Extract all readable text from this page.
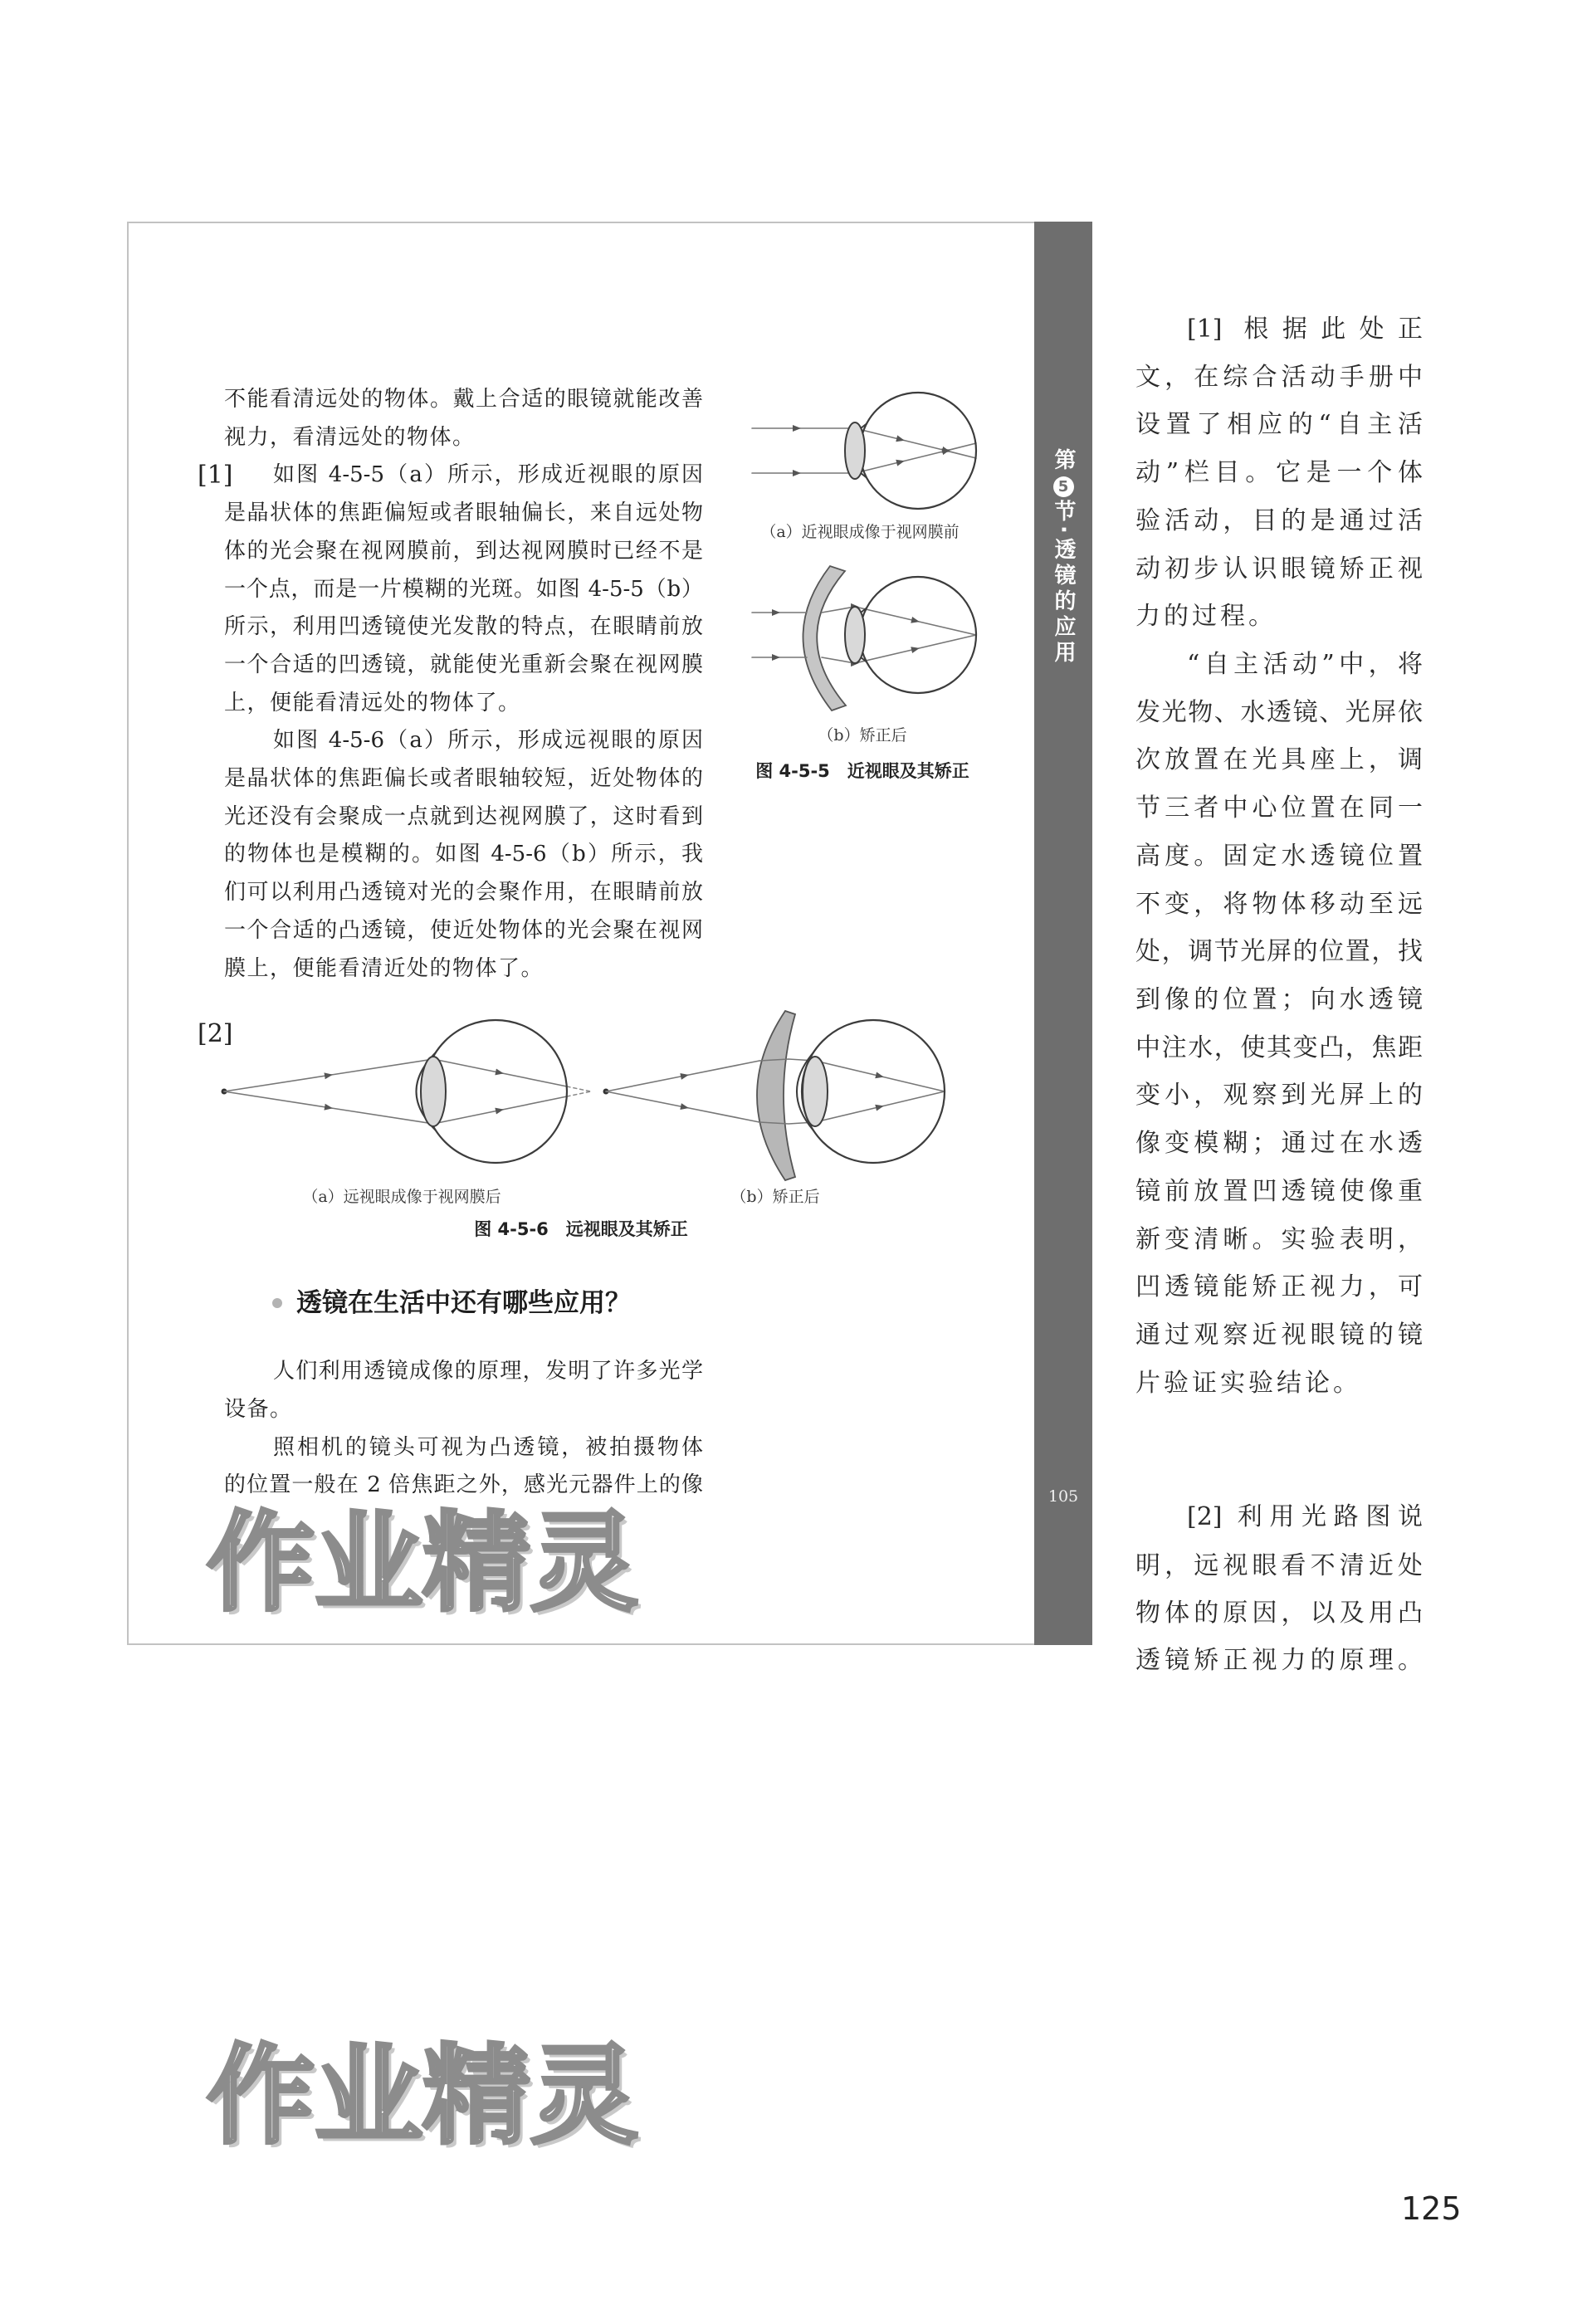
第5节·透镜的应用
105
不能看清远处的物体。戴上合适的眼镜就能改善
视力，看清远处的物体。
[1] 如图 4-5-5（a）所示，形成近视眼的原因
是晶状体的焦距偏短或者眼轴偏长，来自远处物
体的光会聚在视网膜前，到达视网膜时已经不是
一个点，而是一片模糊的光斑。如图 4-5-5（b）
所示，利用凹透镜使光发散的特点，在眼睛前放
一个合适的凹透镜，就能使光重新会聚在视网膜
上，便能看清远处的物体了。
如图 4-5-6（a）所示，形成远视眼的原因
是晶状体的焦距偏长或者眼轴较短，近处物体的
光还没有会聚成一点就到达视网膜了，这时看到
的物体也是模糊的。如图 4-5-6（b）所示，我
们可以利用凸透镜对光的会聚作用，在眼睛前放
一个合适的凸透镜，使近处物体的光会聚在视网
膜上，便能看清近处的物体了。
（a）近视眼成像于视网膜前
（b）矫正后
图 4-5-5　近视眼及其矫正
[2]
（a）远视眼成像于视网膜后	（b）矫正后
图 4-5-6　远视眼及其矫正
透镜在生活中还有哪些应用？
人们利用透镜成像的原理，发明了许多光学
设备。
照相机的镜头可视为凸透镜，被拍摄物体
的位置一般在 2 倍焦距之外，感光元器件上的像
[1] 根据此处正
文，在综合活动手册中
设置了相应的“自主活
动”栏目。它是一个体
验活动，目的是通过活
动初步认识眼镜矫正视
力的过程。
“自主活动”中，将
发光物、水透镜、光屏依
次放置在光具座上，调
节三者中心位置在同一
高度。固定水透镜位置
不变，将物体移动至远
处，调节光屏的位置，找
到像的位置；向水透镜
中注水，使其变凸，焦距
变小，观察到光屏上的
像变模糊；通过在水透
镜前放置凹透镜使像重
新变清晰。实验表明，
凹透镜能矫正视力，可
通过观察近视眼镜的镜
片验证实验结论。
[2] 利用光路图说
明，远视眼看不清近处
物体的原因，以及用凸
透镜矫正视力的原理。
作业精灵
作业精灵
125
